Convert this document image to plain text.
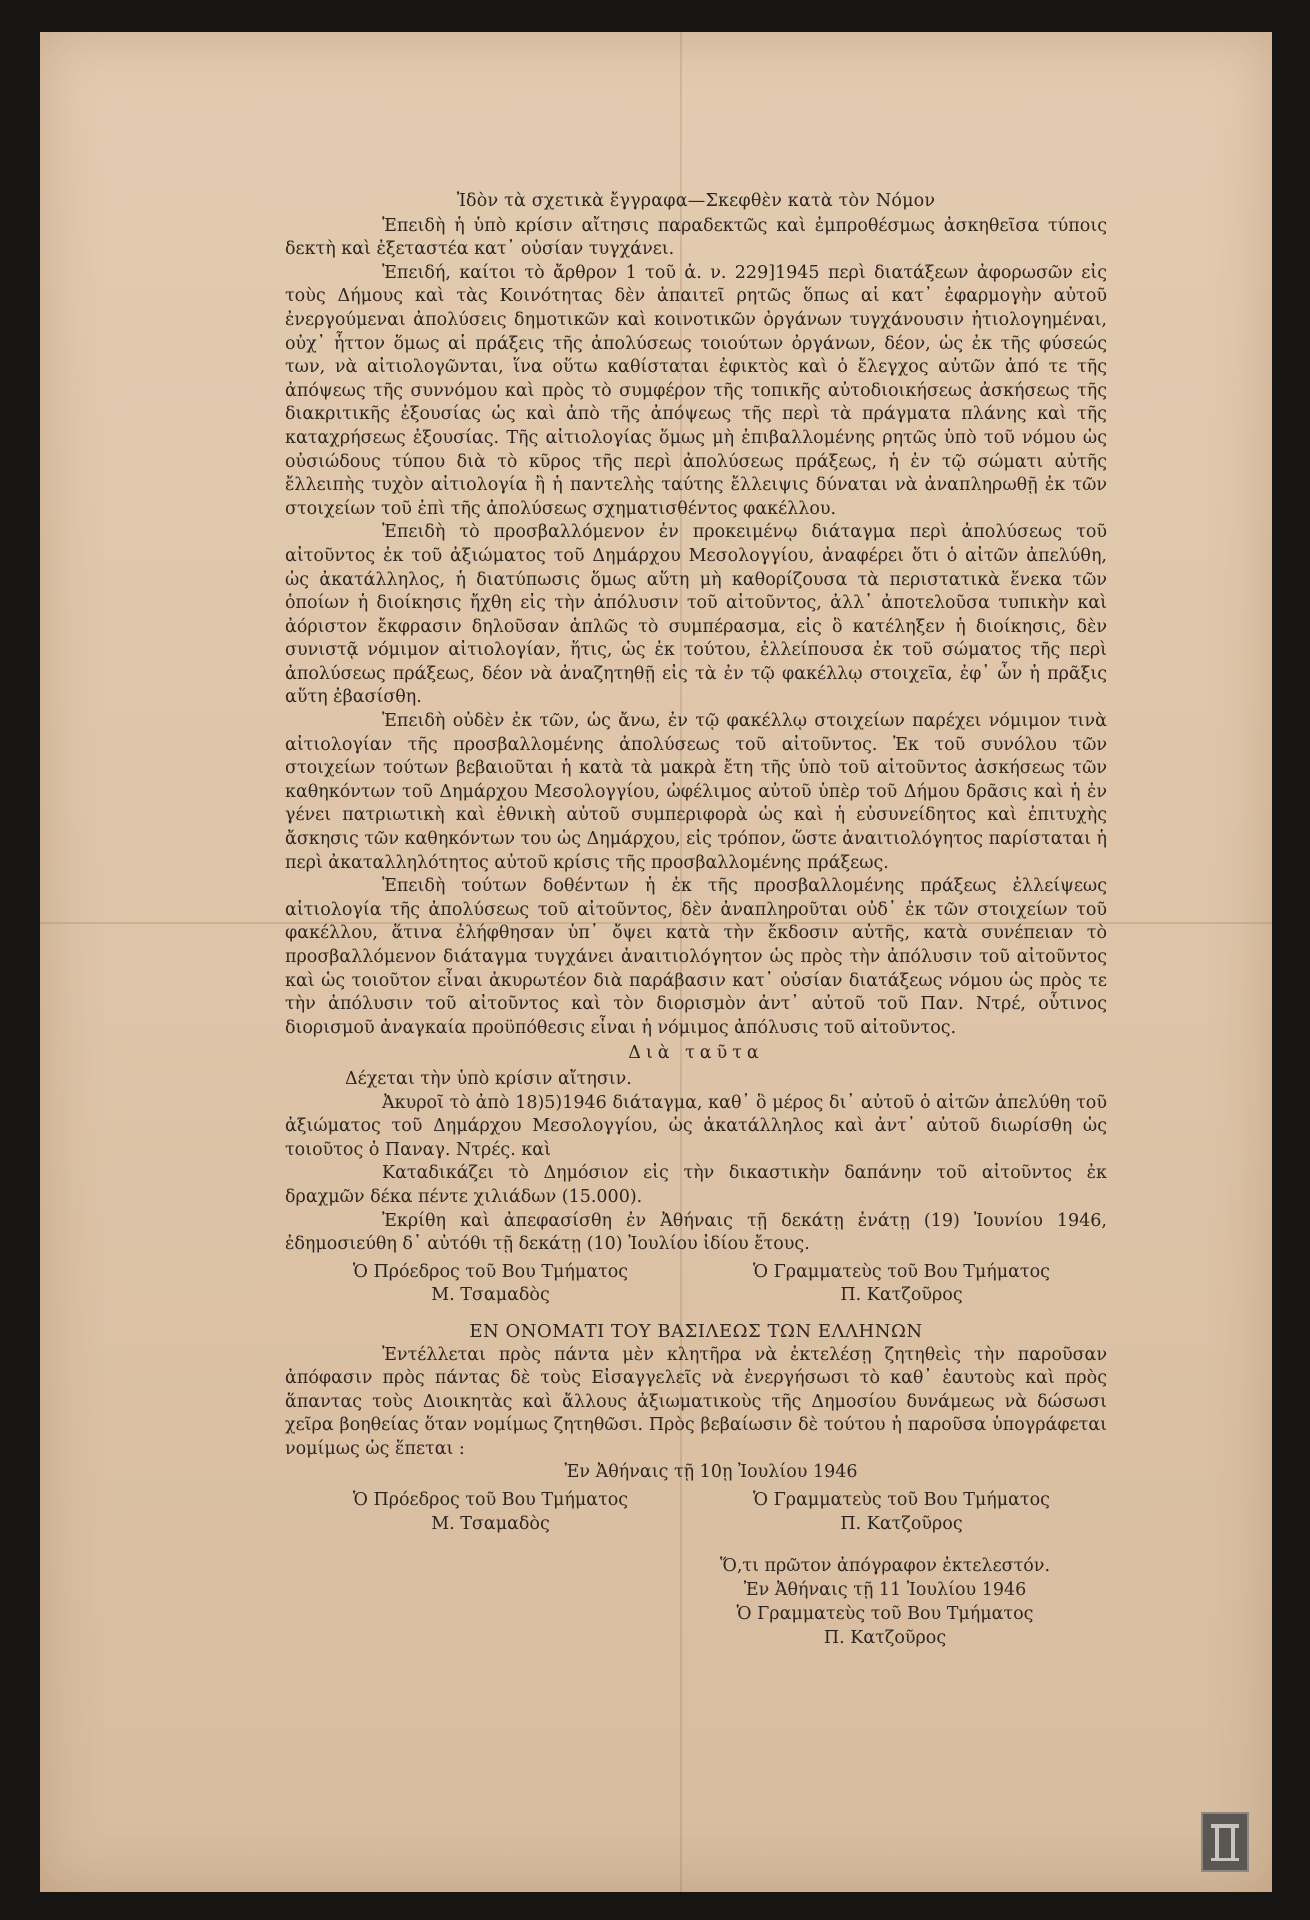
Ἰδὸν τὰ σχετικὰ ἔγγραφα—Σκεφθὲν κατὰ τὸν Νόμον

Ἐπειδὴ ἡ ὑπὸ κρίσιν αἴτησις παραδεκτῶς καὶ ἐμπροθέσμως ἀσκηθεῖσα τύποις δεκτὴ καὶ ἐξεταστέα κατ᾽ οὐσίαν τυγχάνει.

Ἐπειδή, καίτοι τὸ ἄρθρον 1 τοῦ ἀ. ν. 229]1945 περὶ διατάξεων ἀφορωσῶν εἰς τοὺς Δήμους καὶ τὰς Κοινότητας δὲν ἀπαιτεῖ ρητῶς ὅπως αἱ κατ᾽ ἐφαρμογὴν αὐτοῦ ἐνεργούμεναι ἀπολύσεις δημοτικῶν καὶ κοινοτικῶν ὀργάνων τυγχάνουσιν ἠτιολογημέναι, οὐχ᾽ ἧττον ὅμως αἱ πράξεις τῆς ἀπολύσεως τοιούτων ὀργάνων, δέον, ὡς ἐκ τῆς φύσεώς των, νὰ αἰτιολογῶνται, ἵνα οὕτω καθίσταται ἐφικτὸς καὶ ὁ ἔλεγχος αὐτῶν ἀπό τε τῆς ἀπόψεως τῆς συννόμου καὶ πρὸς τὸ συμφέρον τῆς τοπικῆς αὐτοδιοικήσεως ἀσκήσεως τῆς διακριτικῆς ἐξουσίας ὡς καὶ ἀπὸ τῆς ἀπόψεως τῆς περὶ τὰ πράγματα πλάνης καὶ τῆς καταχρήσεως ἐξουσίας. Τῆς αἰτιολογίας ὅμως μὴ ἐπιβαλλομένης ρητῶς ὑπὸ τοῦ νόμου ὡς οὐσιώδους τύπου διὰ τὸ κῦρος τῆς περὶ ἀπολύσεως πράξεως, ἡ ἐν τῷ σώματι αὐτῆς ἔλλειπὴς τυχὸν αἰτιολογία ἢ ἡ παντελὴς ταύτης ἔλλειψις δύναται νὰ ἀναπληρωθῇ ἐκ τῶν στοιχείων τοῦ ἐπὶ τῆς ἀπολύσεως σχηματισθέντος φακέλλου.

Ἐπειδὴ τὸ προσβαλλόμενον ἐν προκειμένῳ διάταγμα περὶ ἀπολύσεως τοῦ αἰτοῦντος ἐκ τοῦ ἀξιώματος τοῦ Δημάρχου Μεσολογγίου, ἀναφέρει ὅτι ὁ αἰτῶν ἀπελύθη, ὡς ἀκατάλληλος, ἡ διατύπωσις ὅμως αὕτη μὴ καθορίζουσα τὰ περιστατικὰ ἕνεκα τῶν ὁποίων ἡ διοίκησις ἤχθη εἰς τὴν ἀπόλυσιν τοῦ αἰτοῦντος, ἀλλ᾽ ἀποτελοῦσα τυπικὴν καὶ ἀόριστον ἔκφρασιν δηλοῦσαν ἁπλῶς τὸ συμπέρασμα, εἰς ὃ κατέληξεν ἡ διοίκησις, δὲν συνιστᾷ νόμιμον αἰτιολογίαν, ἥτις, ὡς ἐκ τούτου, ἐλλείπουσα ἐκ τοῦ σώματος τῆς περὶ ἀπολύσεως πράξεως, δέον νὰ ἀναζητηθῇ εἰς τὰ ἐν τῷ φακέλλῳ στοιχεῖα, ἐφ᾽ ὧν ἡ πρᾶξις αὕτη ἐβασίσθη.

Ἐπειδὴ οὐδὲν ἐκ τῶν, ὡς ἄνω, ἐν τῷ φακέλλῳ στοιχείων παρέχει νόμιμον τινὰ αἰτιολογίαν τῆς προσβαλλομένης ἀπολύσεως τοῦ αἰτοῦντος. Ἐκ τοῦ συνόλου τῶν στοιχείων τούτων βεβαιοῦται ἡ κατὰ τὰ μακρὰ ἔτη τῆς ὑπὸ τοῦ αἰτοῦντος ἀσκήσεως τῶν καθηκόντων τοῦ Δημάρχου Μεσολογγίου, ὠφέλιμος αὐτοῦ ὑπὲρ τοῦ Δήμου δρᾶσις καὶ ἡ ἐν γένει πατριωτικὴ καὶ ἐθνικὴ αὐτοῦ συμπεριφορὰ ὡς καὶ ἡ εὐσυνείδητος καὶ ἐπιτυχὴς ἄσκησις τῶν καθηκόντων του ὡς Δημάρχου, εἰς τρόπον, ὥστε ἀναιτιολόγητος παρίσταται ἡ περὶ ἀκαταλληλότητος αὐτοῦ κρίσις τῆς προσβαλλομένης πράξεως.

Ἐπειδὴ τούτων δοθέντων ἡ ἐκ τῆς προσβαλλομένης πράξεως ἐλλείψεως αἰτιολογία τῆς ἀπολύσεως τοῦ αἰτοῦντος, δὲν ἀναπληροῦται οὐδ᾽ ἐκ τῶν στοιχείων τοῦ φακέλλου, ἅτινα ἐλήφθησαν ὑπ᾽ ὄψει κατὰ τὴν ἔκδοσιν αὐτῆς, κατὰ συνέπειαν τὸ προσβαλλόμενον διάταγμα τυγχάνει ἀναιτιολόγητον ὡς πρὸς τὴν ἀπόλυσιν τοῦ αἰτοῦντος καὶ ὡς τοιοῦτον εἶναι ἀκυρωτέον διὰ παράβασιν κατ᾽ οὐσίαν διατάξεως νόμου ὡς πρὸς τε τὴν ἀπόλυσιν τοῦ αἰτοῦντος καὶ τὸν διορισμὸν ἀντ᾽ αὐτοῦ τοῦ Παν. Ντρέ, οὗτινος διορισμοῦ ἀναγκαία προϋπόθεσις εἶναι ἡ νόμιμος ἀπόλυσις τοῦ αἰτοῦντος.

Διὰ ταῦτα

Δέχεται τὴν ὑπὸ κρίσιν αἴτησιν.

Ἀκυροῖ τὸ ἀπὸ 18)5)1946 διάταγμα, καθ᾽ ὃ μέρος δι᾽ αὐτοῦ ὁ αἰτῶν ἀπελύθη τοῦ ἀξιώματος τοῦ Δημάρχου Μεσολογγίου, ὡς ἀκατάλληλος καὶ ἀντ᾽ αὐτοῦ διωρίσθη ὡς τοιοῦτος ὁ Παναγ. Ντρές. καὶ

Καταδικάζει τὸ Δημόσιον εἰς τὴν δικαστικὴν δαπάνην τοῦ αἰτοῦντος ἐκ δραχμῶν δέκα πέντε χιλιάδων (15.000).

Ἐκρίθη καὶ ἀπεφασίσθη ἐν Ἀθήναις τῇ δεκάτῃ ἐνάτῃ (19) Ἰουνίου 1946, ἐδημοσιεύθη δ᾽ αὐτόθι τῇ δεκάτῃ (10) Ἰουλίου ἰδίου ἔτους.

Ὁ Πρόεδρος τοῦ Βου Τμήματος
Μ. Τσαμαδὸς
Ὁ Γραμματεὺς τοῦ Βου Τμήματος
Π. Κατζοῦρος
ΕΝ ΟΝΟΜΑΤΙ ΤΟΥ ΒΑΣΙΛΕΩΣ ΤΩΝ ΕΛΛΗΝΩΝ

Ἐντέλλεται πρὸς πάντα μὲν κλητῆρα νὰ ἐκτελέσῃ ζητηθεὶς τὴν παροῦσαν ἀπόφασιν πρὸς πάντας δὲ τοὺς Εἰσαγγελεῖς νὰ ἐνεργήσωσι τὸ καθ᾽ ἑαυτοὺς καὶ πρὸς ἅπαντας τοὺς Διοικητὰς καὶ ἄλλους ἀξιωματικοὺς τῆς Δημοσίου δυνάμεως νὰ δώσωσι χεῖρα βοηθείας ὅταν νομίμως ζητηθῶσι. Πρὸς βεβαίωσιν δὲ τούτου ἡ παροῦσα ὑπογράφεται νομίμως ὡς ἕπεται :

Ἐν Ἀθήναις τῇ 10ῃ Ἰουλίου 1946
Ὁ Πρόεδρος τοῦ Βου Τμήματος
Μ. Τσαμαδὸς
Ὁ Γραμματεὺς τοῦ Βου Τμήματος
Π. Κατζοῦρος
Ὅ,τι πρῶτον ἀπόγραφον ἐκτελεστόν.
Ἐν Ἀθήναις τῇ 11 Ἰουλίου 1946
Ὁ Γραμματεὺς τοῦ Βου Τμήματος
Π. Κατζοῦρος
